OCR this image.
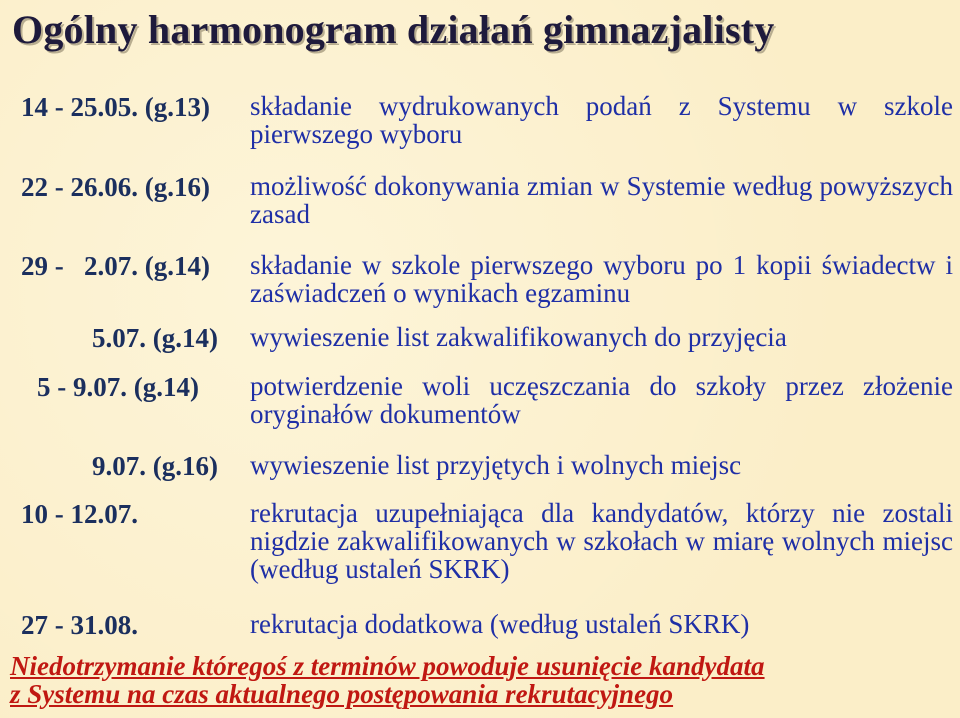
Ogólny harmonogram działań gimnazjalisty
14 - 25.05. (g.13) składanie wydrukowanych podań z Systemu w szkole pierwszego wyboru
22 - 26.06. (g.16) możliwość dokonywania zmian w Systemie według powyższych zasad
29 -   2.07. (g.14) składanie w szkole pierwszego wyboru po 1 kopii świadectw i zaświadczeń o wynikach egzaminu
5.07. (g.14) wywieszenie list zakwalifikowanych do przyjęcia
5 - 9.07. (g.14) potwierdzenie woli uczęszczania do szkoły przez złożenie oryginałów dokumentów
9.07. (g.16) wywieszenie list przyjętych i wolnych miejsc
10 - 12.07.	rekrutacja uzupełniająca dla kandydatów, którzy nie zostali nigdzie zakwalifikowanych w szkołach w miarę wolnych miejsc (według ustaleń SKRK)
27 - 31.08.	rekrutacja dodatkowa (według ustaleń SKRK)
Niedotrzymanie któregoś z terminów powoduje usunięcie kandydata
z Systemu na czas aktualnego postępowania rekrutacyjnego
